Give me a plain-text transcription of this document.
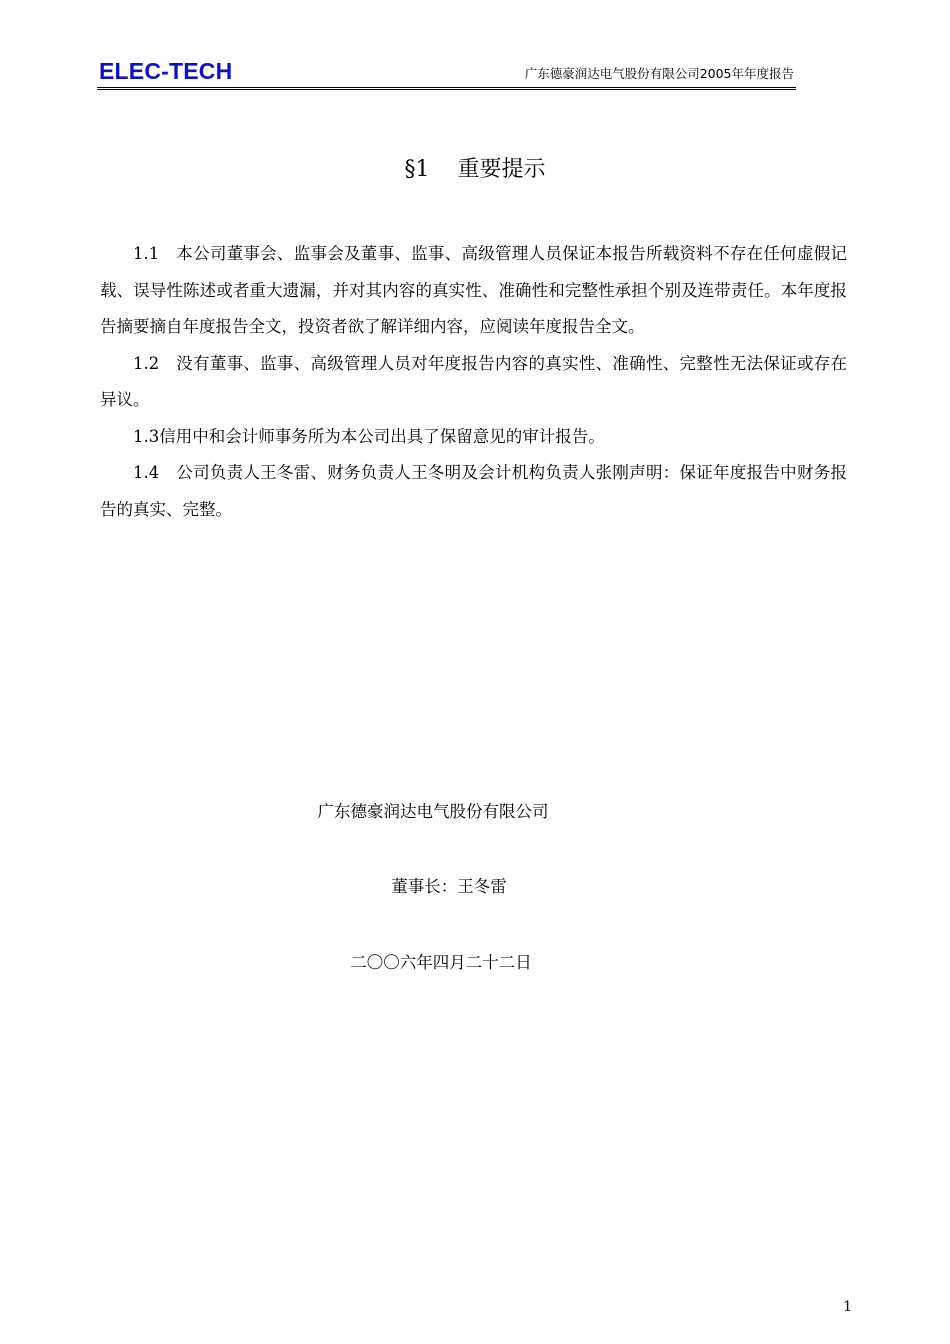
ELEC-TECH	广东德豪润达电气股份有限公司2005年年度报告
§1 重要提示

1.1　本公司董事会、监事会及董事、监事、高级管理人员保证本报告所载资料不存在任何虚假记载、误导性陈述或者重大遗漏，并对其内容的真实性、准确性和完整性承担个别及连带责任。本年度报告摘要摘自年度报告全文，投资者欲了解详细内容，应阅读年度报告全文。

1.2　没有董事、监事、高级管理人员对年度报告内容的真实性、准确性、完整性无法保证或存在异议。

1.3信用中和会计师事务所为本公司出具了保留意见的审计报告。

1.4　公司负责人王冬雷、财务负责人王冬明及会计机构负责人张刚声明：保证年度报告中财务报告的真实、完整。

广东德豪润达电气股份有限公司
董事长：王冬雷
二〇〇六年四月二十二日
1
